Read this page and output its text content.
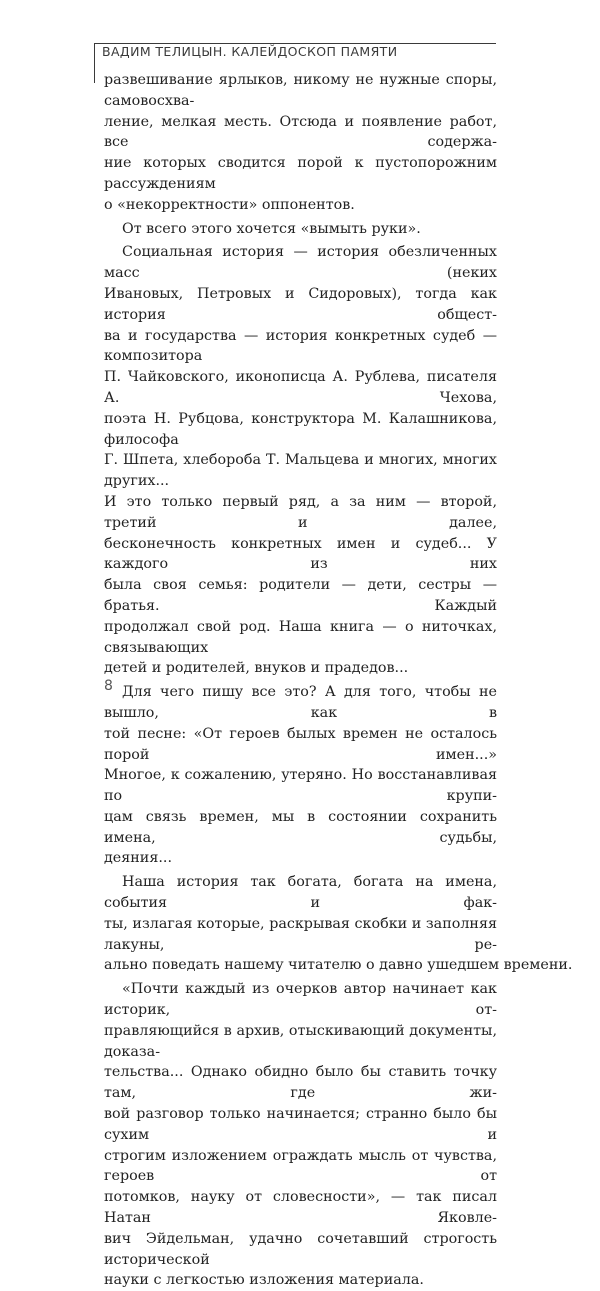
ВАДИМ ТЕЛИЦЫН. КАЛЕЙДОСКОП ПАМЯТИ
развешивание ярлыков, никому не нужные споры, самовосхва-
ление, мелкая месть. Отсюда и появление работ, все содержа-
ние которых сводится порой к пустопорожним рассуждениям
о «некорректности» оппонентов.
От всего этого хочется «вымыть руки».
Социальная история — история обезличенных масс (неких
Ивановых, Петровых и Сидоровых), тогда как история общест-
ва и государства — история конкретных судеб — композитора
П. Чайковского, иконописца А. Рублева, писателя А. Чехова,
поэта Н. Рубцова, конструктора М. Калашникова, философа
Г. Шпета, хлебороба Т. Мальцева и многих, многих других...
И это только первый ряд, а за ним — второй, третий и далее,
бесконечность конкретных имен и судеб... У каждого из них
была своя семья: родители — дети, сестры — братья. Каждый
продолжал свой род. Наша книга — о ниточках, связывающих
детей и родителей, внуков и прадедов...
Для чего пишу все это? А для того, чтобы не вышло, как в
той песне: «От героев былых времен не осталось порой имен...»
Многое, к сожалению, утеряно. Но восстанавливая по крупи-
цам связь времен, мы в состоянии сохранить имена, судьбы,
деяния...
Наша история так богата, богата на имена, события и фак-
ты, излагая которые, раскрывая скобки и заполняя лакуны, ре-
ально поведать нашему читателю о давно ушедшем времени.
«Почти каждый из очерков автор начинает как историк, от-
правляющийся в архив, отыскивающий документы, доказа-
тельства... Однако обидно было бы ставить точку там, где жи-
вой разговор только начинается; странно было бы сухим и
строгим изложением ограждать мысль от чувства, героев от
потомков, науку от словесности», — так писал Натан Яковле-
вич Эйдельман, удачно сочетавший строгость исторической
науки с легкостью изложения материала.
8
